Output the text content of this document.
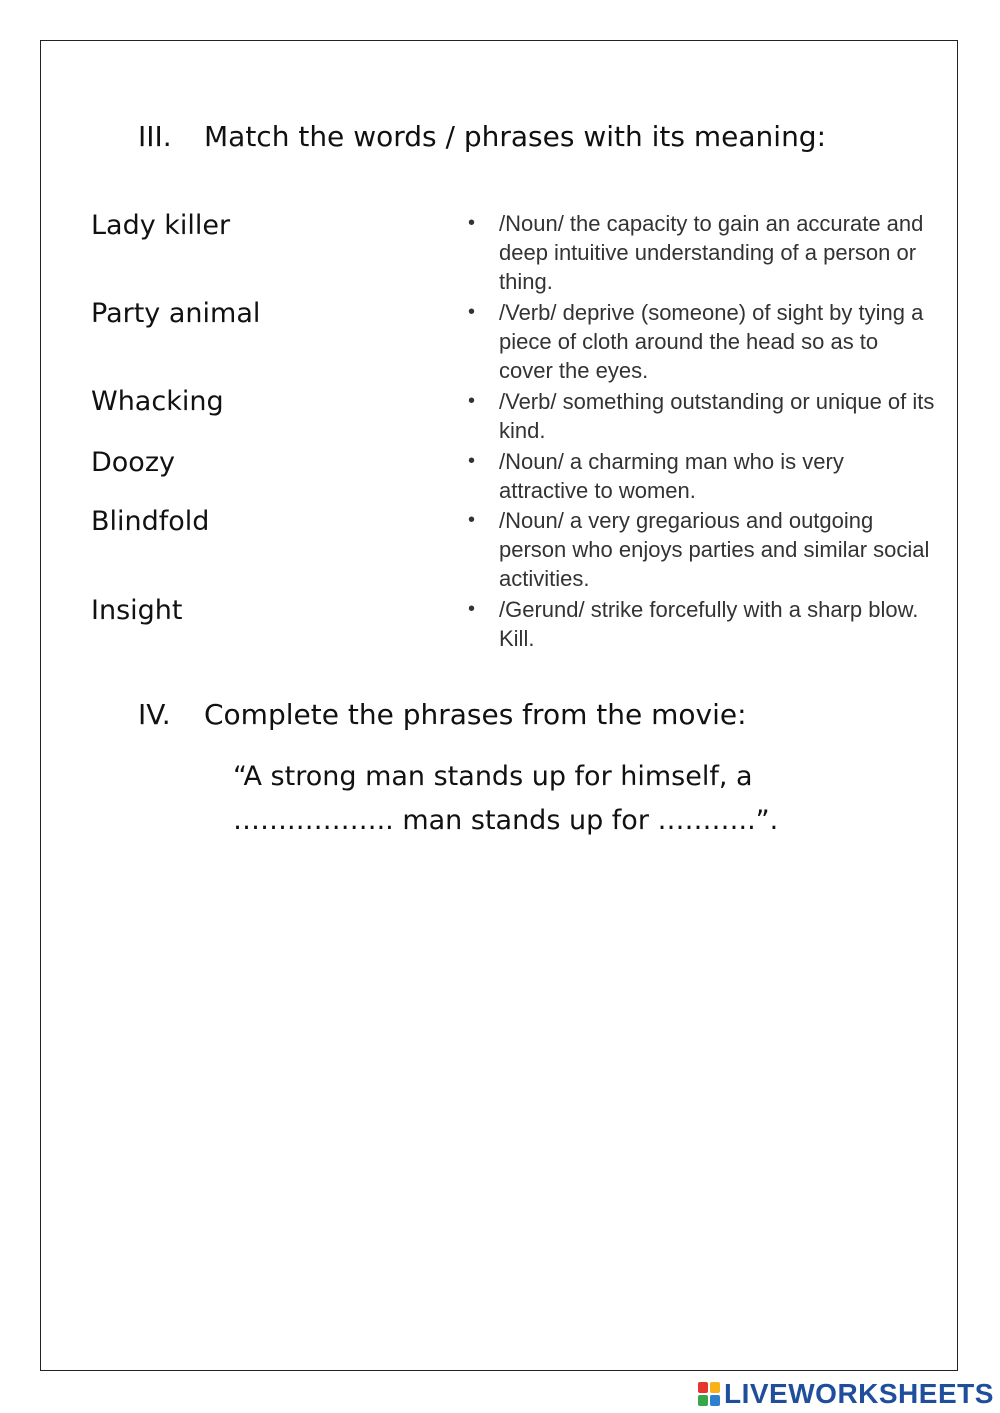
III. Match the words / phrases with its meaning:
Lady killer
Party animal
Whacking
Doozy
Blindfold
Insight
• /Noun/ the capacity to gain an accurate and deep intuitive understanding of a person or thing.
• /Verb/ deprive (someone) of sight by tying a piece of cloth around the head so as to cover the eyes.
• /Verb/ something outstanding or unique of its kind.
• /Noun/ a charming man who is very attractive to women.
• /Noun/ a very gregarious and outgoing person who enjoys parties and similar social activities.
• /Gerund/ strike forcefully with a sharp blow. Kill.
IV. Complete the phrases from the movie:
“A strong man stands up for himself, a
…….……….. man stands up for ………..”.
LIVEWORKSHEETS
